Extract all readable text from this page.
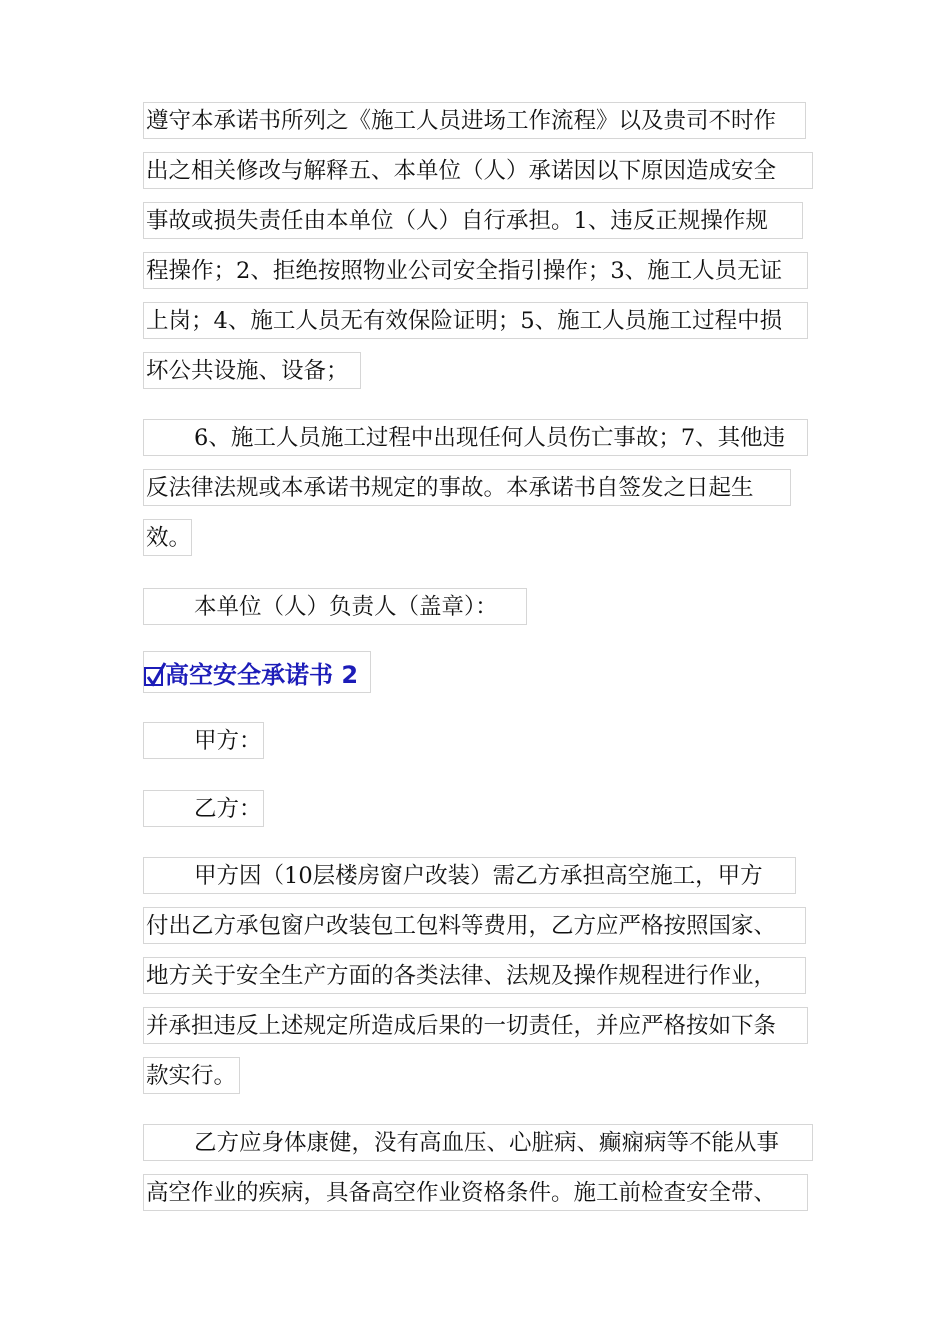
遵守本承诺书所列之《施工人员进场工作流程》以及贵司不时作
出之相关修改与解释五、本单位（人）承诺因以下原因造成安全
事故或损失责任由本单位（人）自行承担。1、违反正规操作规
程操作；2、拒绝按照物业公司安全指引操作；3、施工人员无证
上岗；4、施工人员无有效保险证明；5、施工人员施工过程中损
坏公共设施、设备；
6、施工人员施工过程中出现任何人员伤亡事故；7、其他违
反法律法规或本承诺书规定的事故。本承诺书自签发之日起生
效。
本单位（人）负责人（盖章）：
高空安全承诺书 2
甲方：
乙方：
甲方因（10层楼房窗户改装）需乙方承担高空施工，甲方
付出乙方承包窗户改装包工包料等费用，乙方应严格按照国家、
地方关于安全生产方面的各类法律、法规及操作规程进行作业，
并承担违反上述规定所造成后果的一切责任，并应严格按如下条
款实行。
乙方应身体康健，没有高血压、心脏病、癫痫病等不能从事
高空作业的疾病，具备高空作业资格条件。施工前检查安全带、
